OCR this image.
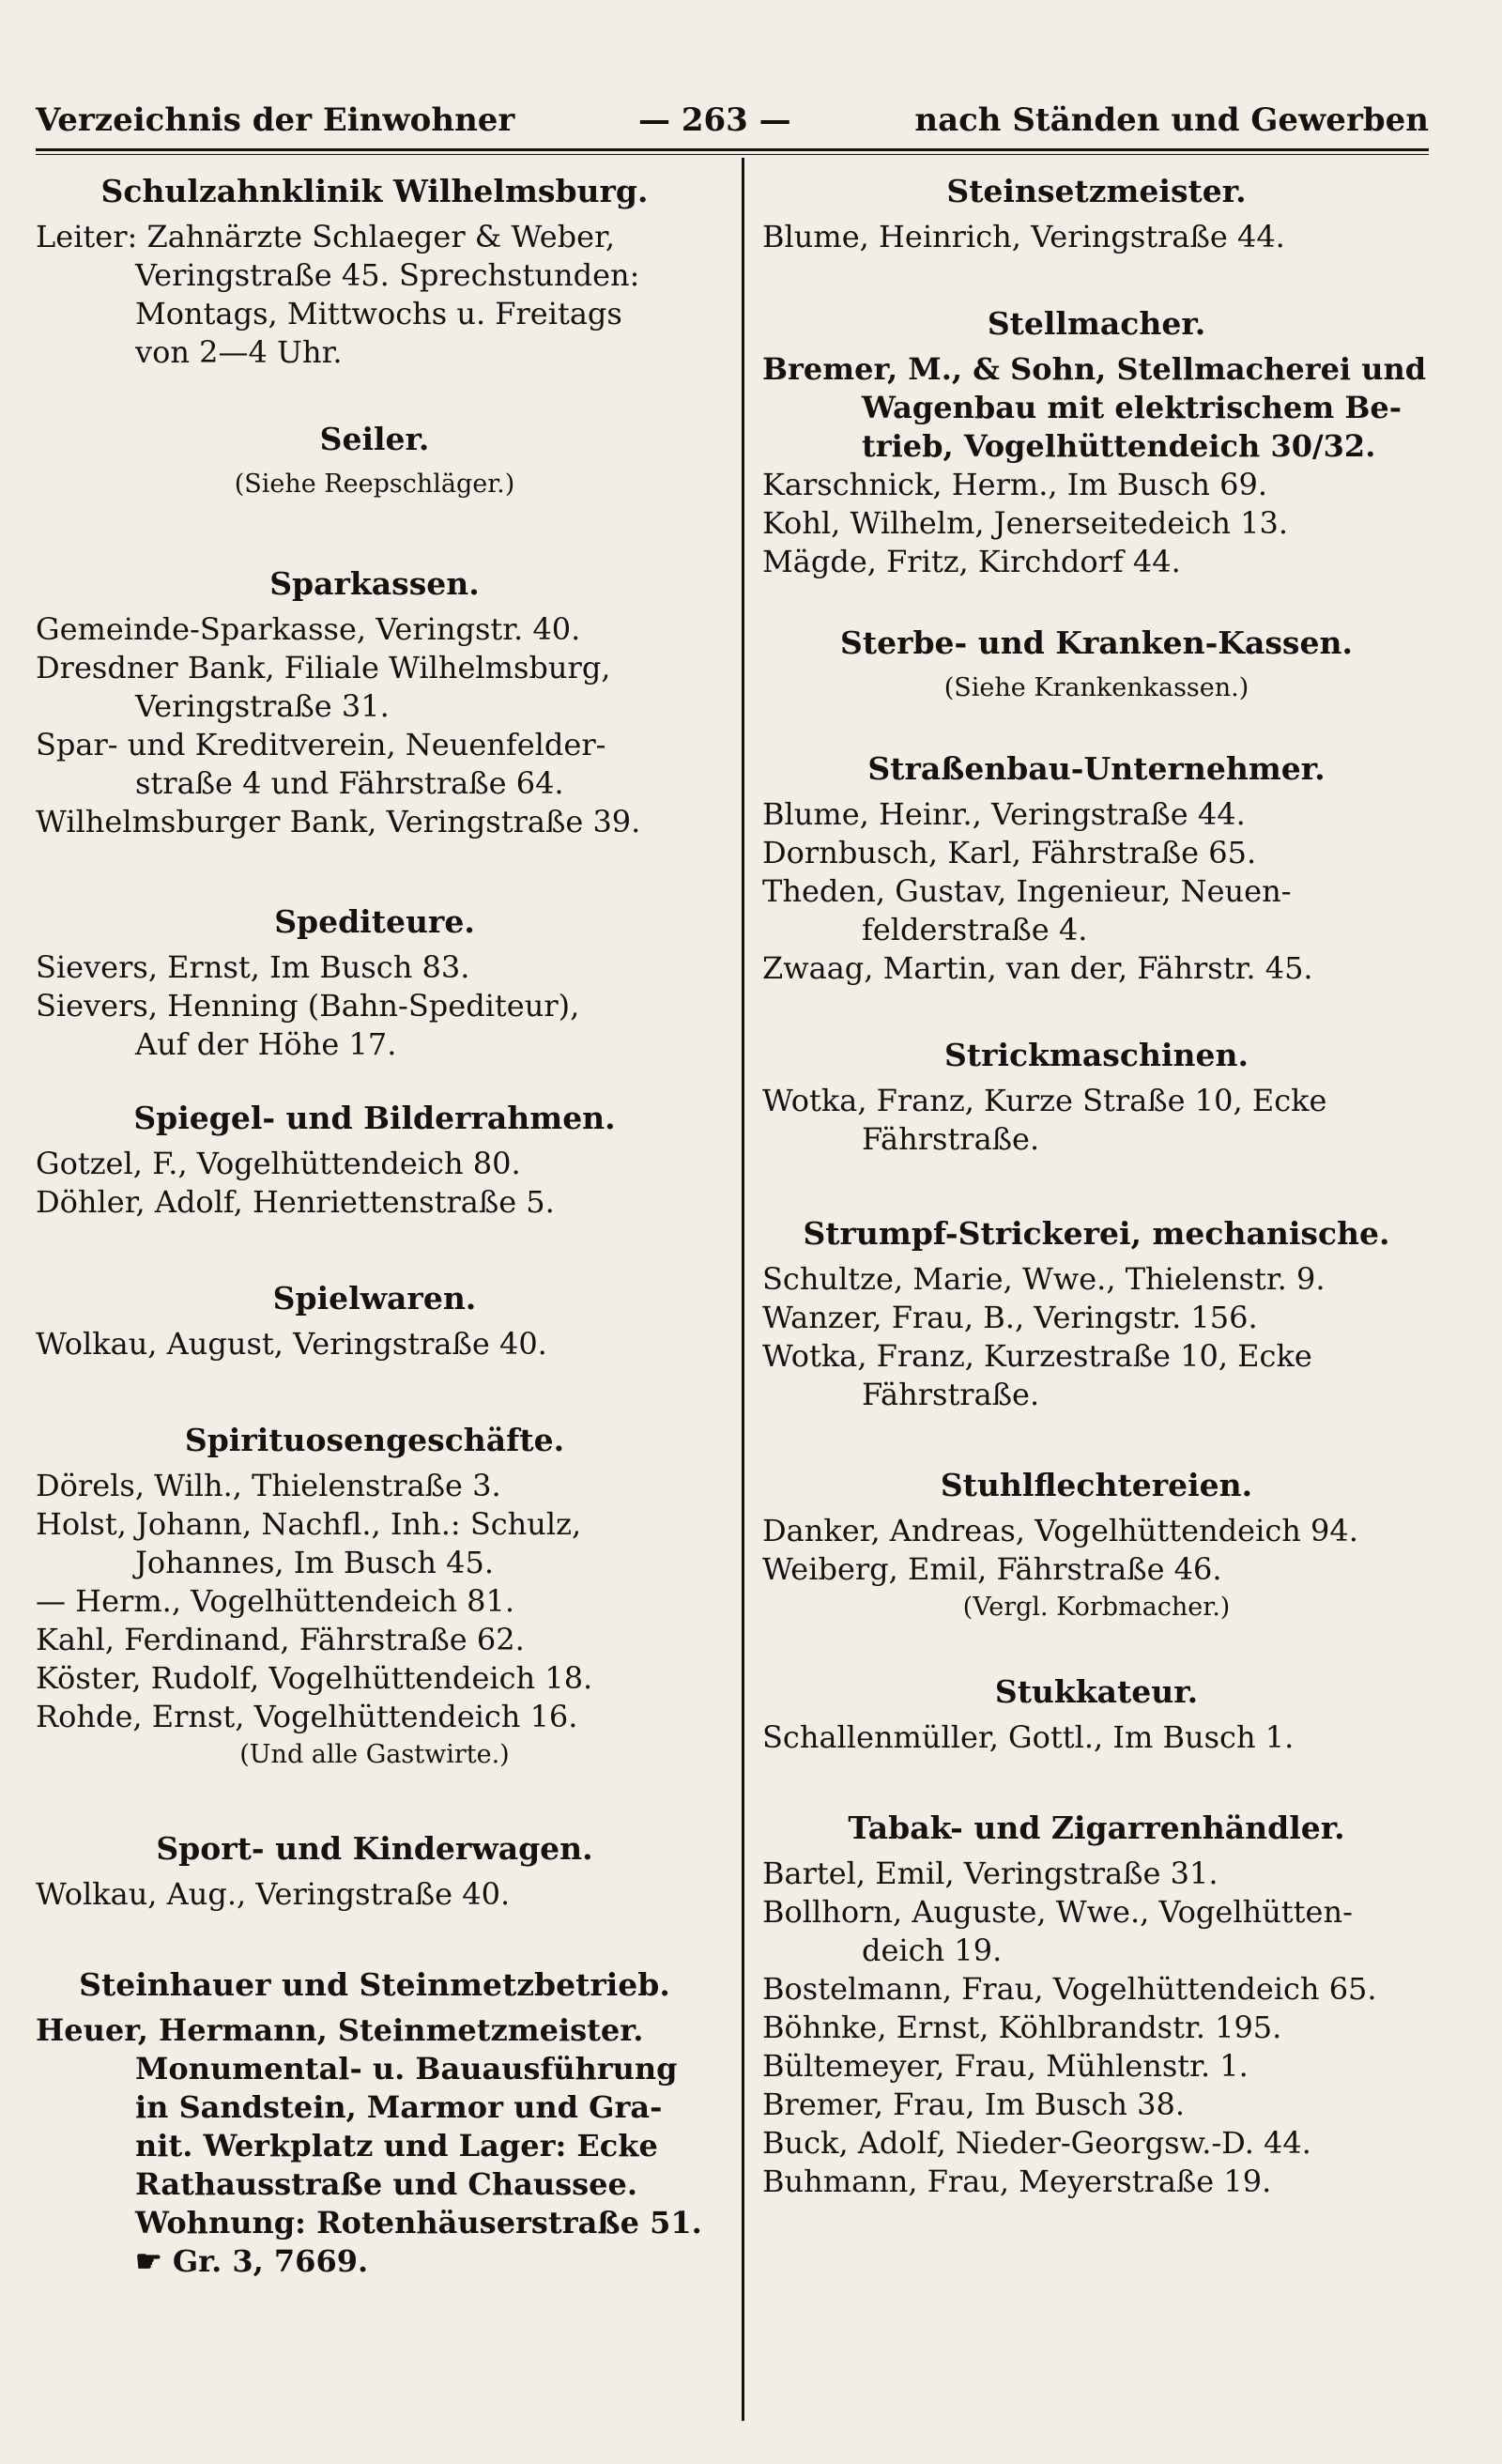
Verzeichnis der Einwohner	— 263 —	nach Ständen und Gewerben
Schulzahnklinik Wilhelmsburg.
Leiter: Zahnärzte Schlaeger & Weber,
Veringstraße 45. Sprechstunden:
Montags, Mittwochs u. Freitags
von 2—4 Uhr.
Seiler.
(Siehe Reepschläger.)
Sparkassen.
Gemeinde-Sparkasse, Veringstr. 40.
Dresdner Bank, Filiale Wilhelmsburg,
Veringstraße 31.
Spar- und Kreditverein, Neuenfelder-
straße 4 und Fährstraße 64.
Wilhelmsburger Bank, Veringstraße 39.
Spediteure.
Sievers, Ernst, Im Busch 83.
Sievers, Henning (Bahn-Spediteur),
Auf der Höhe 17.
Spiegel- und Bilderrahmen.
Gotzel, F., Vogelhüttendeich 80.
Döhler, Adolf, Henriettenstraße 5.
Spielwaren.
Wolkau, August, Veringstraße 40.
Spirituosengeschäfte.
Dörels, Wilh., Thielenstraße 3.
Holst, Johann, Nachfl., Inh.: Schulz,
Johannes, Im Busch 45.
— Herm., Vogelhüttendeich 81.
Kahl, Ferdinand, Fährstraße 62.
Köster, Rudolf, Vogelhüttendeich 18.
Rohde, Ernst, Vogelhüttendeich 16.
(Und alle Gastwirte.)
Sport- und Kinderwagen.
Wolkau, Aug., Veringstraße 40.
Steinhauer und Steinmetzbetrieb.
Heuer, Hermann, Steinmetzmeister.
Monumental- u. Bauausführung
in Sandstein, Marmor und Gra-
nit. Werkplatz und Lager: Ecke
Rathausstraße und Chaussee.
Wohnung: Rotenhäuserstraße 51.
☛ Gr. 3, 7669.
Steinsetzmeister.
Blume, Heinrich, Veringstraße 44.
Stellmacher.
Bremer, M., & Sohn, Stellmacherei und
Wagenbau mit elektrischem Be-
trieb, Vogelhüttendeich 30/32.
Karschnick, Herm., Im Busch 69.
Kohl, Wilhelm, Jenerseitedeich 13.
Mägde, Fritz, Kirchdorf 44.
Sterbe- und Kranken-Kassen.
(Siehe Krankenkassen.)
Straßenbau-Unternehmer.
Blume, Heinr., Veringstraße 44.
Dornbusch, Karl, Fährstraße 65.
Theden, Gustav, Ingenieur, Neuen-
felderstraße 4.
Zwaag, Martin, van der, Fährstr. 45.
Strickmaschinen.
Wotka, Franz, Kurze Straße 10, Ecke
Fährstraße.
Strumpf-Strickerei, mechanische.
Schultze, Marie, Wwe., Thielenstr. 9.
Wanzer, Frau, B., Veringstr. 156.
Wotka, Franz, Kurzestraße 10, Ecke
Fährstraße.
Stuhlflechtereien.
Danker, Andreas, Vogelhüttendeich 94.
Weiberg, Emil, Fährstraße 46.
(Vergl. Korbmacher.)
Stukkateur.
Schallenmüller, Gottl., Im Busch 1.
Tabak- und Zigarrenhändler.
Bartel, Emil, Veringstraße 31.
Bollhorn, Auguste, Wwe., Vogelhütten-
deich 19.
Bostelmann, Frau, Vogelhüttendeich 65.
Böhnke, Ernst, Köhlbrandstr. 195.
Bültemeyer, Frau, Mühlenstr. 1.
Bremer, Frau, Im Busch 38.
Buck, Adolf, Nieder-Georgsw.-D. 44.
Buhmann, Frau, Meyerstraße 19.
